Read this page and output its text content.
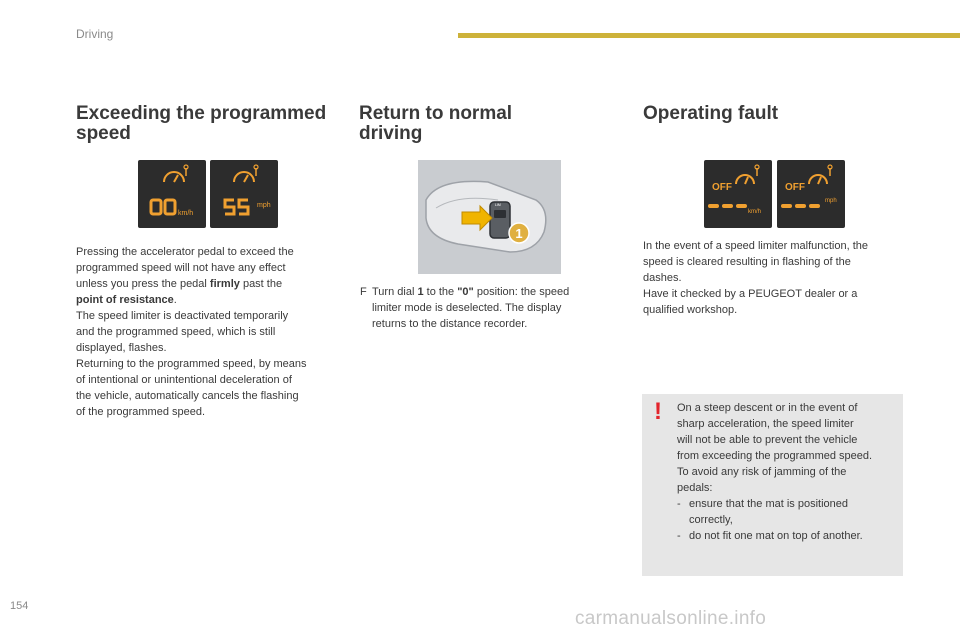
Driving
Exceeding the programmed
speed
km/h
mph
Pressing the accelerator pedal to exceed the
programmed speed will not have any effect
unless you press the pedal firmly past the
point of resistance.
The speed limiter is deactivated temporarily
and the programmed speed, which is still
displayed, flashes.
Returning to the programmed speed, by means
of intentional or unintentional deceleration of
the vehicle, automatically cancels the flashing
of the programmed speed.
Return to normal
driving
LIM
1
F Turn dial 1 to the "0" position: the speed
limiter mode is deselected. The display
returns to the distance recorder.
Operating fault
OFF
km/h
OFF
mph
In the event of a speed limiter malfunction, the
speed is cleared resulting in flashing of the
dashes.
Have it checked by a PEUGEOT dealer or a
qualified workshop.
! On a steep descent or in the event of
sharp acceleration, the speed limiter
will not be able to prevent the vehicle
from exceeding the programmed speed.
To avoid any risk of jamming of the
pedals:
- ensure that the mat is positioned
correctly,
- do not fit one mat on top of another.
154
carmanualsonline.info
